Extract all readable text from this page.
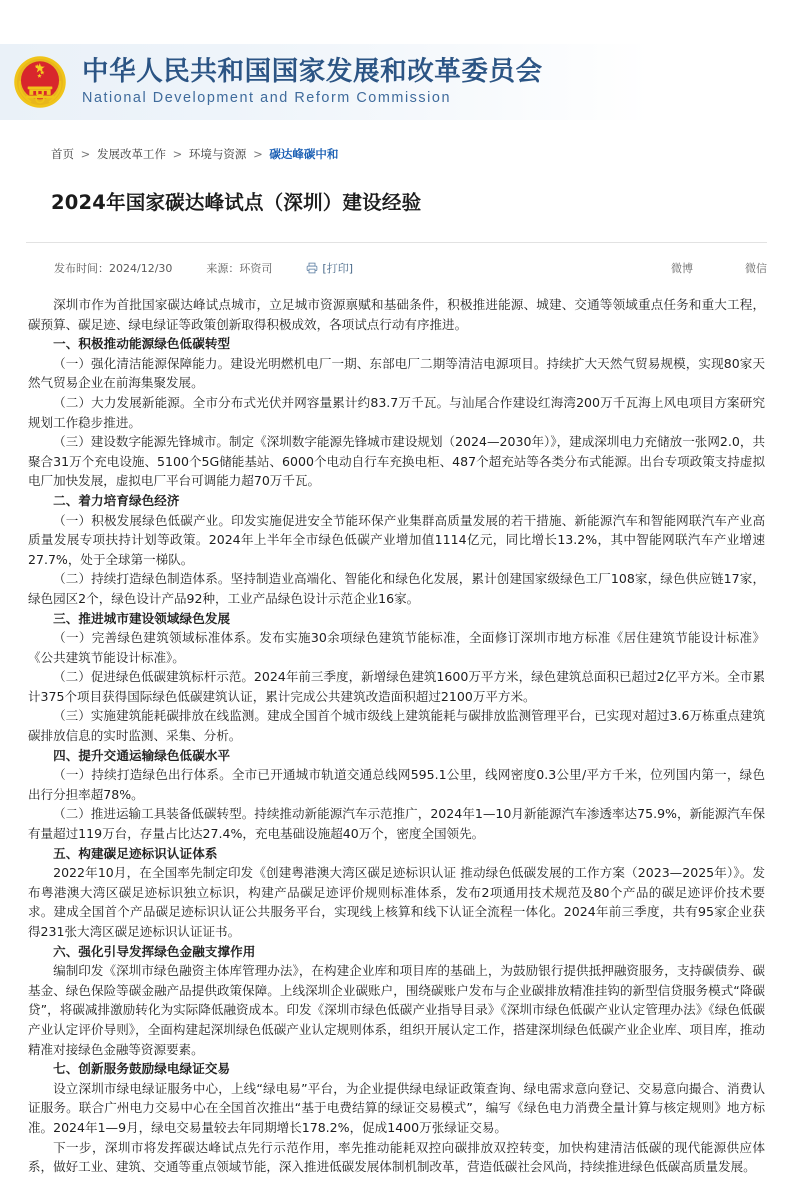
中华人民共和国国家发展和改革委员会
National Development and Reform Commission
首页 > 发展改革工作 > 环境与资源 > 碳达峰碳中和
2024年国家碳达峰试点（深圳）建设经验
发布时间：2024/12/30	来源：环资司	[打印]	微博	微信

深圳市作为首批国家碳达峰试点城市，立足城市资源禀赋和基础条件，积极推进能源、城建、交通等领域重点任务和重大工程，碳预算、碳足迹、绿电绿证等政策创新取得积极成效，各项试点行动有序推进。

一、积极推动能源绿色低碳转型

（一）强化清洁能源保障能力。建设光明燃机电厂一期、东部电厂二期等清洁电源项目。持续扩大天然气贸易规模，实现80家天然气贸易企业在前海集聚发展。

（二）大力发展新能源。全市分布式光伏并网容量累计约83.7万千瓦。与汕尾合作建设红海湾200万千瓦海上风电项目方案研究规划工作稳步推进。

（三）建设数字能源先锋城市。制定《深圳数字能源先锋城市建设规划（2024—2030年）》，建成深圳电力充储放一张网2.0，共聚合31万个充电设施、5100个5G储能基站、6000个电动自行车充换电柜、487个超充站等各类分布式能源。出台专项政策支持虚拟电厂加快发展，虚拟电厂平台可调能力超70万千瓦。

二、着力培育绿色经济

（一）积极发展绿色低碳产业。印发实施促进安全节能环保产业集群高质量发展的若干措施、新能源汽车和智能网联汽车产业高质量发展专项扶持计划等政策。2024年上半年全市绿色低碳产业增加值1114亿元，同比增长13.2%，其中智能网联汽车产业增速27.7%，处于全球第一梯队。

（二）持续打造绿色制造体系。坚持制造业高端化、智能化和绿色化发展，累计创建国家级绿色工厂108家，绿色供应链17家，绿色园区2个，绿色设计产品92种，工业产品绿色设计示范企业16家。

三、推进城市建设领域绿色发展

（一）完善绿色建筑领域标准体系。发布实施30余项绿色建筑节能标准，全面修订深圳市地方标准《居住建筑节能设计标准》《公共建筑节能设计标准》。

（二）促进绿色低碳建筑标杆示范。2024年前三季度，新增绿色建筑1600万平方米，绿色建筑总面积已超过2亿平方米。全市累计375个项目获得国际绿色低碳建筑认证，累计完成公共建筑改造面积超过2100万平方米。

（三）实施建筑能耗碳排放在线监测。建成全国首个城市级线上建筑能耗与碳排放监测管理平台，已实现对超过3.6万栋重点建筑碳排放信息的实时监测、采集、分析。

四、提升交通运输绿色低碳水平

（一）持续打造绿色出行体系。全市已开通城市轨道交通总线网595.1公里，线网密度0.3公里/平方千米，位列国内第一，绿色出行分担率超78%。

（二）推进运输工具装备低碳转型。持续推动新能源汽车示范推广，2024年1—10月新能源汽车渗透率达75.9%，新能源汽车保有量超过119万台，存量占比达27.4%，充电基础设施超40万个，密度全国领先。

五、构建碳足迹标识认证体系

2022年10月，在全国率先制定印发《创建粤港澳大湾区碳足迹标识认证 推动绿色低碳发展的工作方案（2023—2025年）》。发布粤港澳大湾区碳足迹标识独立标识，构建产品碳足迹评价规则标准体系，发布2项通用技术规范及80个产品的碳足迹评价技术要求。建成全国首个产品碳足迹标识认证公共服务平台，实现线上核算和线下认证全流程一体化。2024年前三季度，共有95家企业获得231张大湾区碳足迹标识认证证书。

六、强化引导发挥绿色金融支撑作用

编制印发《深圳市绿色融资主体库管理办法》，在构建企业库和项目库的基础上，为鼓励银行提供抵押融资服务，支持碳债券、碳基金、绿色保险等碳金融产品提供政策保障。上线深圳企业碳账户，围绕碳账户发布与企业碳排放精准挂钩的新型信贷服务模式“降碳贷”，将碳减排激励转化为实际降低融资成本。印发《深圳市绿色低碳产业指导目录》《深圳市绿色低碳产业认定管理办法》《绿色低碳产业认定评价导则》，全面构建起深圳绿色低碳产业认定规则体系，组织开展认定工作，搭建深圳绿色低碳产业企业库、项目库，推动精准对接绿色金融等资源要素。

七、创新服务鼓励绿电绿证交易

设立深圳市绿电绿证服务中心，上线“绿电易”平台，为企业提供绿电绿证政策查询、绿电需求意向登记、交易意向撮合、消费认证服务。联合广州电力交易中心在全国首次推出“基于电费结算的绿证交易模式”，编写《绿色电力消费全量计算与核定规则》地方标准。2024年1—9月，绿电交易量较去年同期增长178.2%，促成1400万张绿证交易。

下一步，深圳市将发挥碳达峰试点先行示范作用，率先推动能耗双控向碳排放双控转变，加快构建清洁低碳的现代能源供应体系，做好工业、建筑、交通等重点领域节能，深入推进低碳发展体制机制改革，营造低碳社会风尚，持续推进绿色低碳高质量发展。
